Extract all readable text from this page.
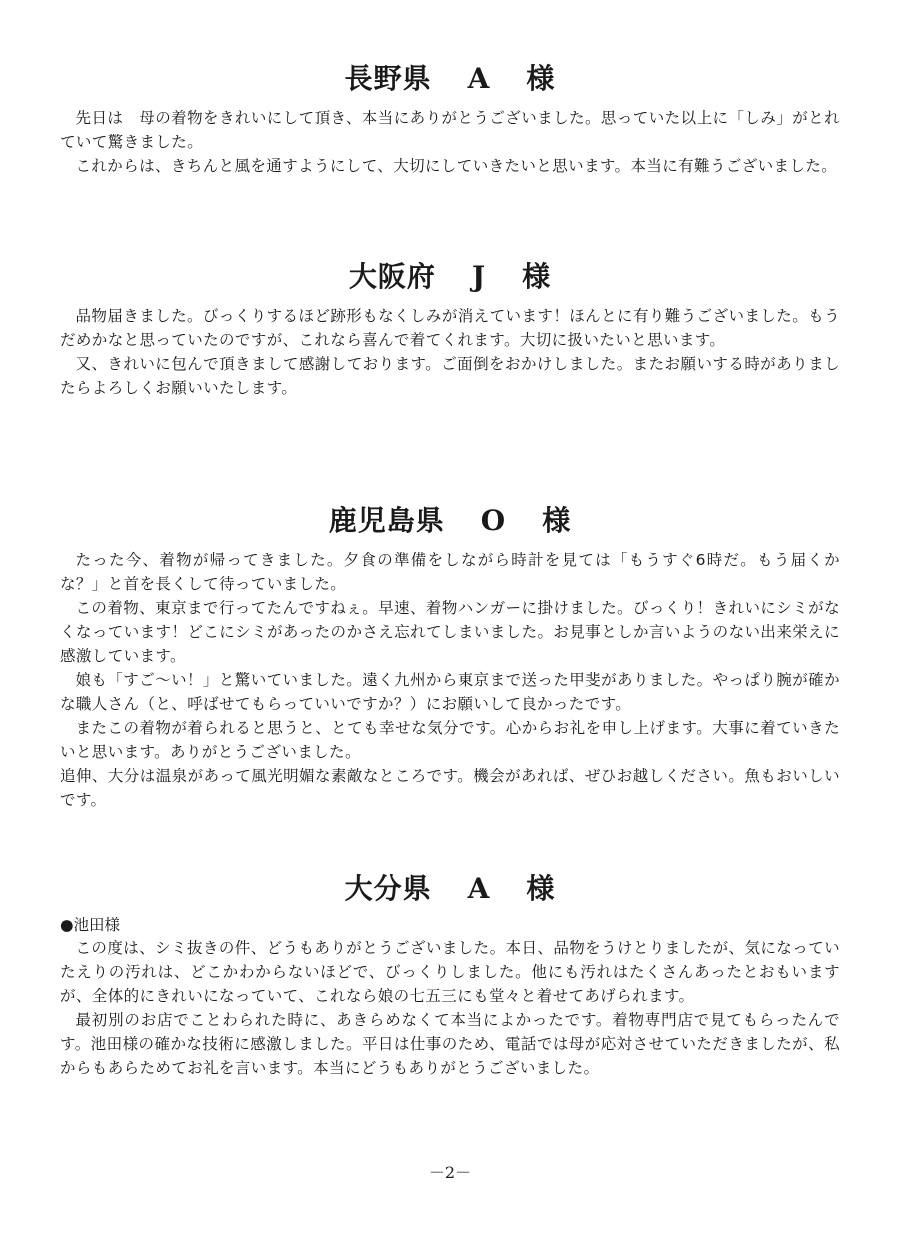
長野県 A 様

先日は　母の着物をきれいにして頂き、本当にありがとうございました。思っていた以上に「しみ」がとれていて驚きました。

これからは、きちんと風を通すようにして、大切にしていきたいと思います。本当に有難うございました。

大阪府 J 様

品物届きました。びっくりするほど跡形もなくしみが消えています！ほんとに有り難うございました。もうだめかなと思っていたのですが、これなら喜んで着てくれます。大切に扱いたいと思います。

又、きれいに包んで頂きまして感謝しております。ご面倒をおかけしました。またお願いする時がありましたらよろしくお願いいたします。

鹿児島県 O 様

たった今、着物が帰ってきました。夕食の準備をしながら時計を見ては「もうすぐ6時だ。もう届くかな？」と首を長くして待っていました。

この着物、東京まで行ってたんですねぇ。早速、着物ハンガーに掛けました。びっくり！きれいにシミがなくなっています！どこにシミがあったのかさえ忘れてしまいました。お見事としか言いようのない出来栄えに感激しています。

娘も「すご～い！」と驚いていました。遠く九州から東京まで送った甲斐がありました。やっぱり腕が確かな職人さん（と、呼ばせてもらっていいですか？）にお願いして良かったです。

またこの着物が着られると思うと、とても幸せな気分です。心からお礼を申し上げます。大事に着ていきたいと思います。ありがとうございました。

追伸、大分は温泉があって風光明媚な素敵なところです。機会があれば、ぜひお越しください。魚もおいしいです。

大分県 A 様

●池田様

この度は、シミ抜きの件、どうもありがとうございました。本日、品物をうけとりましたが、気になっていたえりの汚れは、どこかわからないほどで、びっくりしました。他にも汚れはたくさんあったとおもいますが、全体的にきれいになっていて、これなら娘の七五三にも堂々と着せてあげられます。

最初別のお店でことわられた時に、あきらめなくて本当によかったです。着物専門店で見てもらったんです。池田様の確かな技術に感激しました。平日は仕事のため、電話では母が応対させていただきましたが、私からもあらためてお礼を言います。本当にどうもありがとうございました。

－2－
